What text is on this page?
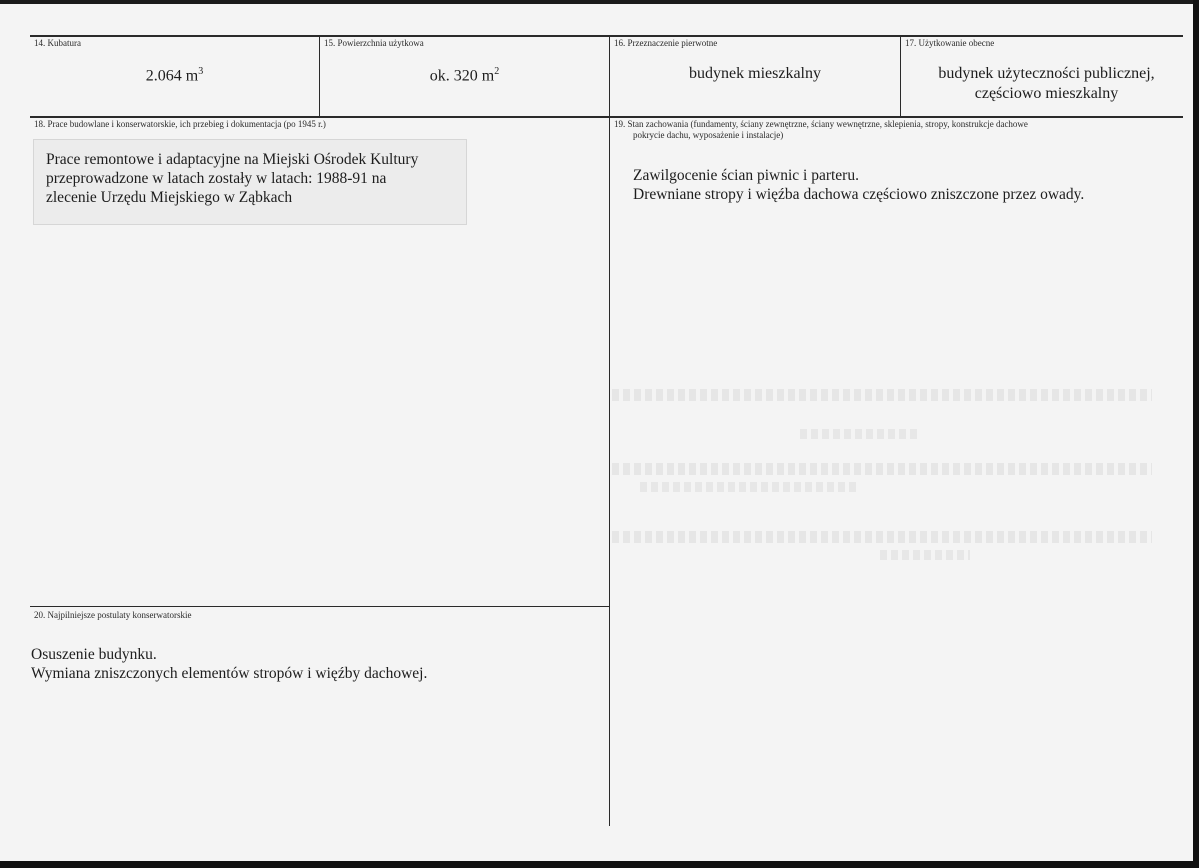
14. Kubatura
2.064 $m^3$
15. Powierzchnia użytkowa
ok. 320 $m^2$
16. Przeznaczenie pierwotne
budynek mieszkalny
17. Użytkowanie obecne
budynek użyteczności publicznej,
częściowo mieszkalny
18. Prace budowlane i konserwatorskie, ich przebieg i dokumentacja (po 1945 r.)
Prace remontowe i adaptacyjne na Miejski Ośrodek Kultury
przeprowadzone w latach zostały w latach: 1988-91 na
zlecenie Urzędu Miejskiego w Ząbkach
19. Stan zachowania (fundamenty, ściany zewnętrzne, ściany wewnętrzne, sklepienia, stropy, konstrukcje dachowe
pokrycie dachu, wyposażenie i instalacje)
Zawilgocenie ścian piwnic i parteru.
Drewniane stropy i więźba dachowa częściowo zniszczone przez owady.
20. Najpilniejsze postulaty konserwatorskie
Osuszenie budynku.
Wymiana zniszczonych elementów stropów i więźby dachowej.
